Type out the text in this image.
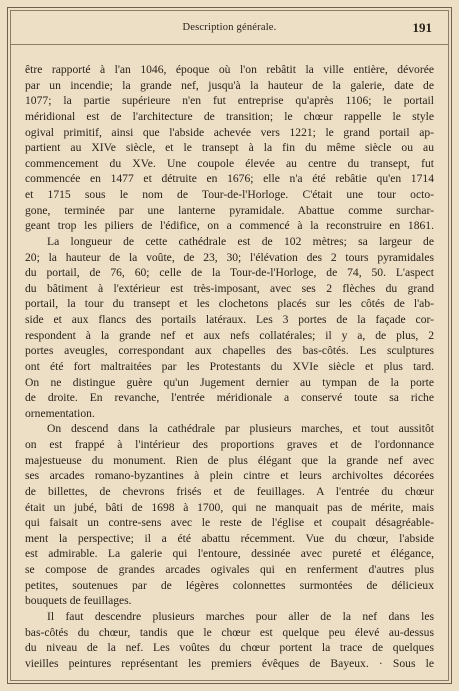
Description générale.	191
être rapporté à l'an 1046, époque où l'on rebâtit la ville entière, dévorée
par un incendie; la grande nef, jusqu'à la hauteur de la galerie, date de
1077; la partie supérieure n'en fut entreprise qu'après 1106; le portail
méridional est de l'architecture de transition; le chœur rappelle le style
ogival primitif, ainsi que l'abside achevée vers 1221; le grand portail ap-
partient au XIVe siècle, et le transept à la fin du même siècle ou au
commencement du XVe. Une coupole élevée au centre du transept, fut
commencée en 1477 et détruite en 1676; elle n'a été rebâtie qu'en 1714
et 1715 sous le nom de Tour-de-l'Horloge. C'était une tour octo-
gone, terminée par une lanterne pyramidale. Abattue comme surchar-
geant trop les piliers de l'édifice, on a commencé à la reconstruire en 1861.
La longueur de cette cathédrale est de 102 mètres; sa largeur de
20; la hauteur de la voûte, de 23, 30; l'élévation des 2 tours pyramidales
du portail, de 76, 60; celle de la Tour-de-l'Horloge, de 74, 50. L'aspect
du bâtiment à l'extérieur est très-imposant, avec ses 2 flèches du grand
portail, la tour du transept et les clochetons placés sur les côtés de l'ab-
side et aux flancs des portails latéraux. Les 3 portes de la façade cor-
respondent à la grande nef et aux nefs collatérales; il y a, de plus, 2
portes aveugles, correspondant aux chapelles des bas-côtés. Les sculptures
ont été fort maltraitées par les Protestants du XVIe siècle et plus tard.
On ne distingue guère qu'un Jugement dernier au tympan de la porte
de droite. En revanche, l'entrée méridionale a conservé toute sa riche
ornementation.
On descend dans la cathédrale par plusieurs marches, et tout aussitôt
on est frappé à l'intérieur des proportions graves et de l'ordonnance
majestueuse du monument. Rien de plus élégant que la grande nef avec
ses arcades romano-byzantines à plein cintre et leurs archivoltes décorées
de billettes, de chevrons frisés et de feuillages. A l'entrée du chœur
était un jubé, bâti de 1698 à 1700, qui ne manquait pas de mérite, mais
qui faisait un contre-sens avec le reste de l'église et coupait désagréable-
ment la perspective; il a été abattu récemment. Vue du chœur, l'abside
est admirable. La galerie qui l'entoure, dessinée avec pureté et élégance,
se compose de grandes arcades ogivales qui en renferment d'autres plus
petites, soutenues par de légères colonnettes surmontées de délicieux
bouquets de feuillages.
Il faut descendre plusieurs marches pour aller de la nef dans les
bas-côtés du chœur, tandis que le chœur est quelque peu élevé au-dessus
du niveau de la nef. Les voûtes du chœur portent la trace de quelques
vieilles peintures représentant les premiers évêques de Bayeux. · Sous le
